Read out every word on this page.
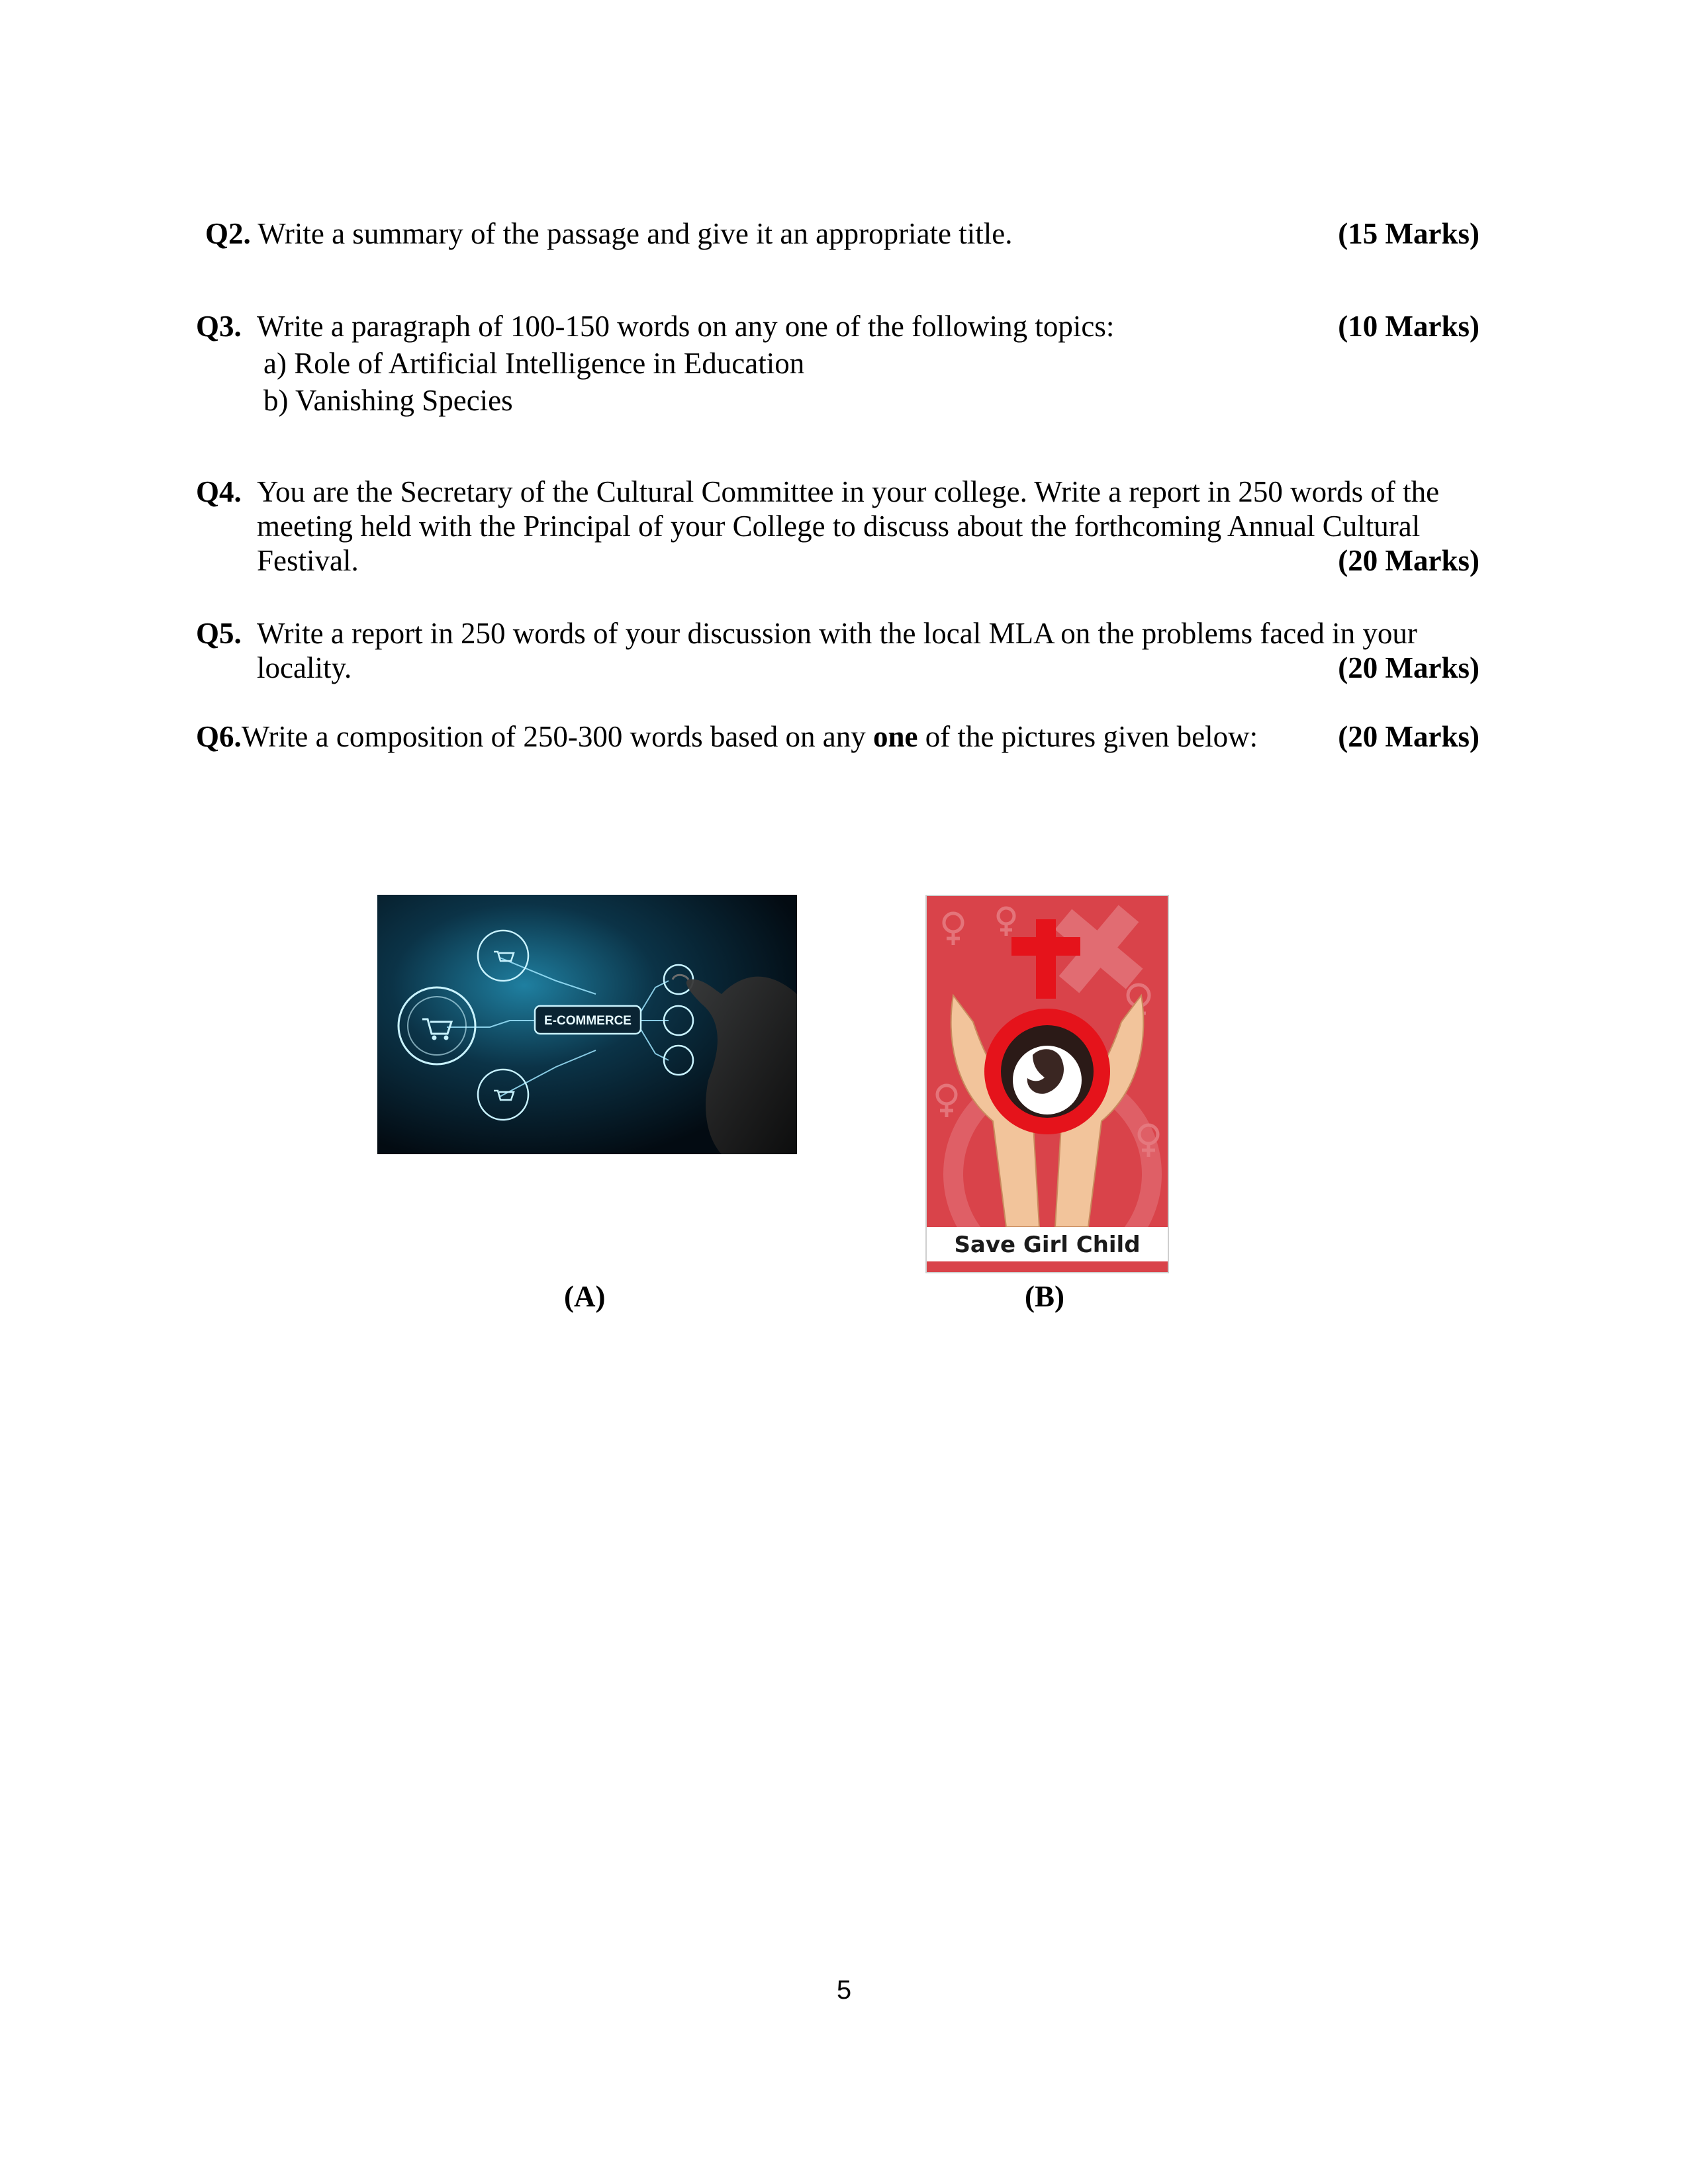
Q2. Write a summary of the passage and give it an appropriate title.	(15 Marks)
Q3. Write a paragraph of 100-150 words on any one of the following topics:	(10 Marks)
a) Role of Artificial Intelligence in Education
b) Vanishing Species
Q4. You are the Secretary of the Cultural Committee in your college. Write a report in 250 words of the
meeting held with the Principal of your College to discuss about the forthcoming Annual Cultural
Festival.	(20 Marks)
Q5. Write a report in 250 words of your discussion with the local MLA on the problems faced in your
locality.	(20 Marks)
Q6.Write a composition of 250-300 words based on any one of the pictures given below:	(20 Marks)
E-COMMERCE
Save Girl Child
(A)	(B)
5
